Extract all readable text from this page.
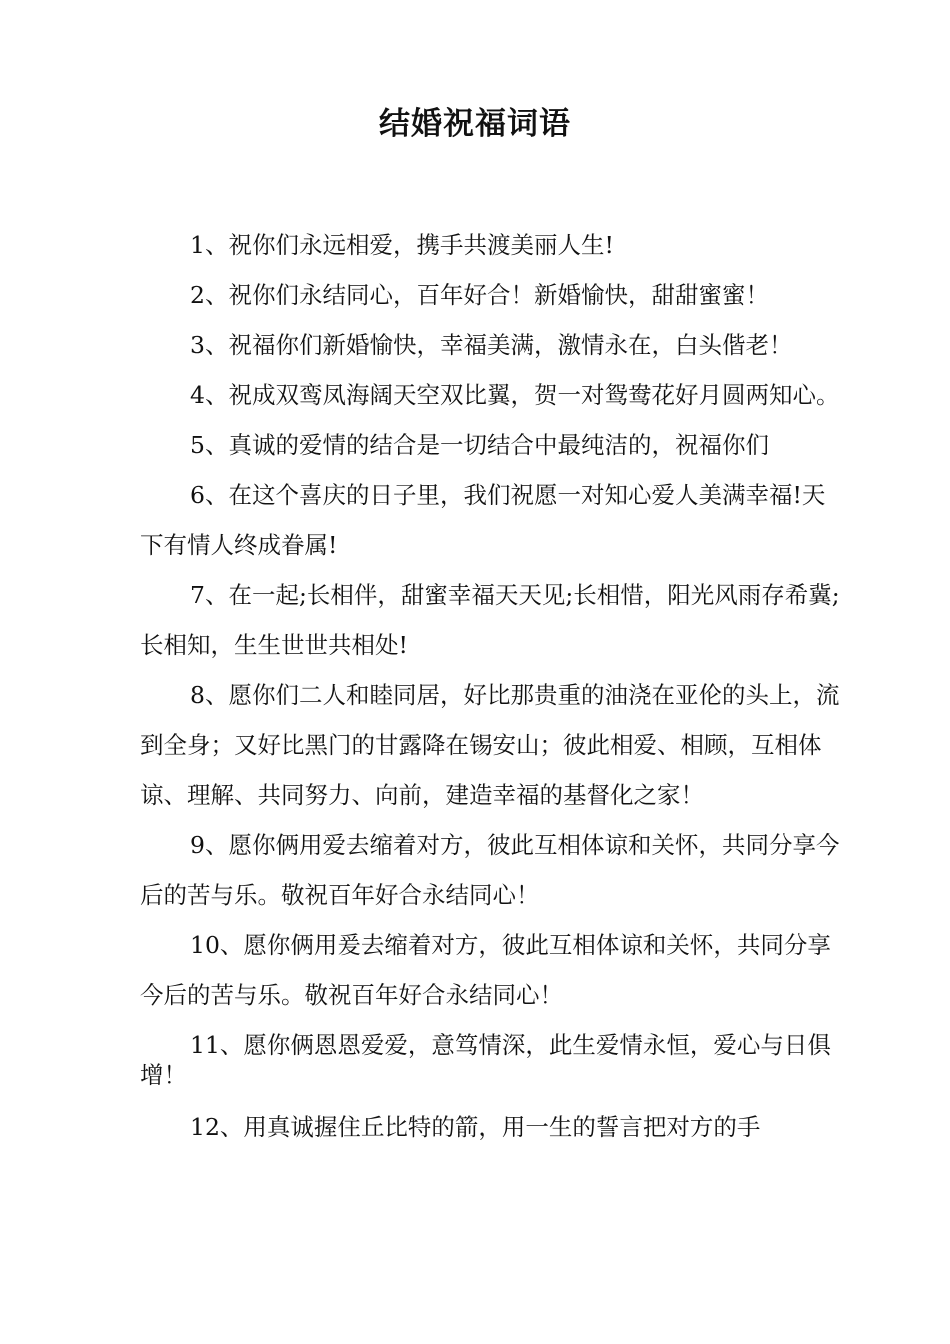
结婚祝福词语

1、祝你们永远相爱，携手共渡美丽人生!

2、祝你们永结同心，百年好合！新婚愉快，甜甜蜜蜜！

3、祝福你们新婚愉快，幸福美满，激情永在，白头偕老！

4、祝成双鸾凤海阔天空双比翼，贺一对鸳鸯花好月圆两知心。

5、真诚的爱情的结合是一切结合中最纯洁的，祝福你们

6、在这个喜庆的日子里，我们祝愿一对知心爱人美满幸福!天下有情人终成眷属!

7、在一起;长相伴，甜蜜幸福天天见;长相惜，阳光风雨存希冀;长相知，生生世世共相处!

8、愿你们二人和睦同居，好比那贵重的油浇在亚伦的头上，流到全身；又好比黑门的甘露降在锡安山；彼此相爱、相顾，互相体谅、理解、共同努力、向前，建造幸福的基督化之家！

9、愿你俩用爱去缩着对方，彼此互相体谅和关怀，共同分享今后的苦与乐。敬祝百年好合永结同心！

10、愿你俩用爰去缩着对方，彼此互相体谅和关怀，共同分享今后的苦与乐。敬祝百年好合永结同心！

11、愿你俩恩恩爱爱，意笃情深，此生爱情永恒，爱心与日俱增！

12、用真诚握住丘比特的箭，用一生的誓言把对方的手
